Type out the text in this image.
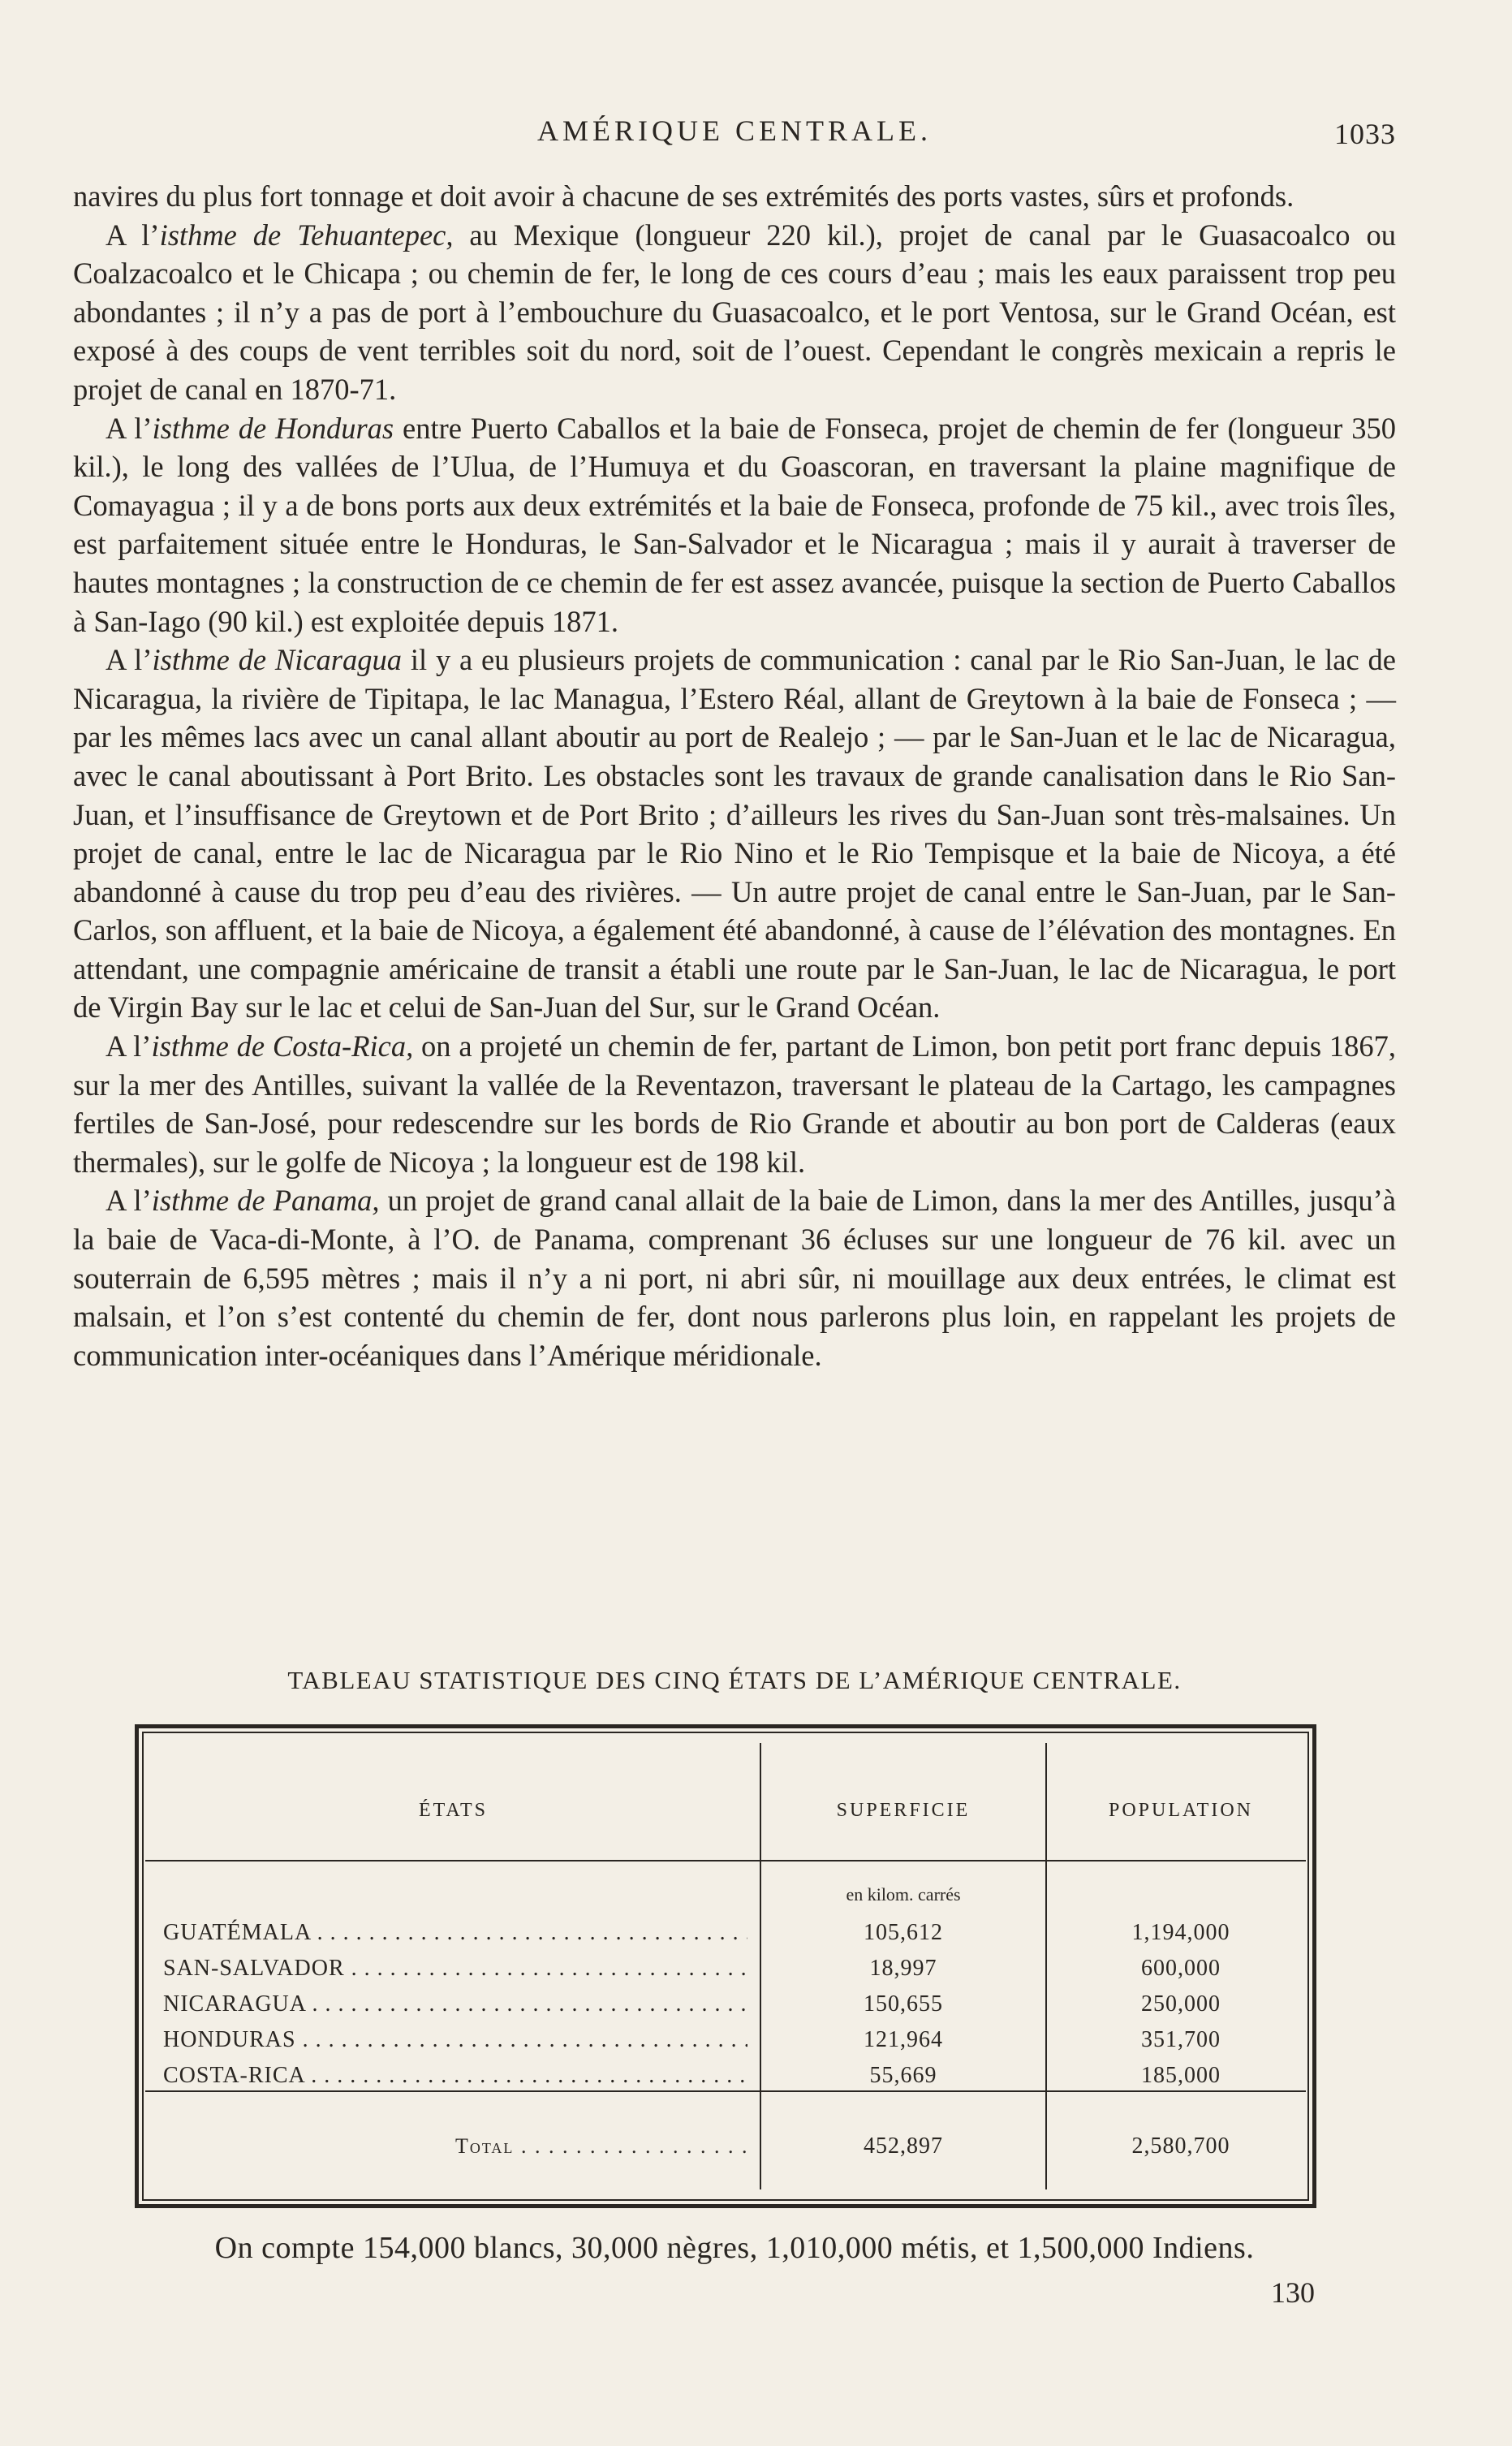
AMÉRIQUE CENTRALE.	1033

navires du plus fort tonnage et doit avoir à chacune de ses extrémités des ports vastes, sûrs et profonds.

A l’isthme de Tehuantepec, au Mexique (longueur 220 kil.), projet de canal par le Guasacoalco ou Coalzacoalco et le Chicapa ; ou chemin de fer, le long de ces cours d’eau ; mais les eaux paraissent trop peu abondantes ; il n’y a pas de port à l’embouchure du Guasacoalco, et le port Ventosa, sur le Grand Océan, est exposé à des coups de vent terribles soit du nord, soit de l’ouest. Cependant le congrès mexicain a repris le projet de canal en 1870-71.

A l’isthme de Honduras entre Puerto Caballos et la baie de Fonseca, projet de chemin de fer (longueur 350 kil.), le long des vallées de l’Ulua, de l’Humuya et du Goascoran, en traversant la plaine magnifique de Comayagua ; il y a de bons ports aux deux extrémités et la baie de Fonseca, profonde de 75 kil., avec trois îles, est parfaitement située entre le Honduras, le San-Salvador et le Nicaragua ; mais il y aurait à traverser de hautes montagnes ; la construction de ce chemin de fer est assez avancée, puisque la section de Puerto Caballos à San-Iago (90 kil.) est exploitée depuis 1871.

A l’isthme de Nicaragua il y a eu plusieurs projets de communication : canal par le Rio San-Juan, le lac de Nicaragua, la rivière de Tipitapa, le lac Managua, l’Estero Réal, allant de Greytown à la baie de Fonseca ; — par les mêmes lacs avec un canal allant aboutir au port de Realejo ; — par le San-Juan et le lac de Nicaragua, avec le canal aboutissant à Port Brito. Les obstacles sont les travaux de grande canalisation dans le Rio San-Juan, et l’insuffisance de Greytown et de Port Brito ; d’ailleurs les rives du San-Juan sont très-malsaines. Un projet de canal, entre le lac de Nicaragua par le Rio Nino et le Rio Tempisque et la baie de Nicoya, a été abandonné à cause du trop peu d’eau des rivières. — Un autre projet de canal entre le San-Juan, par le San-Carlos, son affluent, et la baie de Nicoya, a également été abandonné, à cause de l’élévation des montagnes. En attendant, une compagnie américaine de transit a établi une route par le San-Juan, le lac de Nicaragua, le port de Virgin Bay sur le lac et celui de San-Juan del Sur, sur le Grand Océan.

A l’isthme de Costa-Rica, on a projeté un chemin de fer, partant de Limon, bon petit port franc depuis 1867, sur la mer des Antilles, suivant la vallée de la Reventazon, traversant le plateau de la Cartago, les campagnes fertiles de San-José, pour redescendre sur les bords de Rio Grande et aboutir au bon port de Calderas (eaux thermales), sur le golfe de Nicoya ; la longueur est de 198 kil.

A l’isthme de Panama, un projet de grand canal allait de la baie de Limon, dans la mer des Antilles, jusqu’à la baie de Vaca-di-Monte, à l’O. de Panama, comprenant 36 écluses sur une longueur de 76 kil. avec un souterrain de 6,595 mètres ; mais il n’y a ni port, ni abri sûr, ni mouillage aux deux entrées, le climat est malsain, et l’on s’est contenté du chemin de fer, dont nous parlerons plus loin, en rappelant les projets de communication inter-océaniques dans l’Amérique méridionale.

TABLEAU STATISTIQUE DES CINQ ÉTATS DE L’AMÉRIQUE CENTRALE.
ÉTATS	SUPERFICIE	POPULATION
en kilom. carrés
GUATÉMALA . . .	105,612	1,194,000
SAN-SALVADOR . . .	18,997	600,000
NICARAGUA . . .	150,655	250,000
HONDURAS . . .	121,964	351,700
COSTA-RICA . . .	55,669	185,000
Total . . .	452,897	2,580,700
On compte 154,000 blancs, 30,000 nègres, 1,010,000 métis, et 1,500,000 Indiens.
130
